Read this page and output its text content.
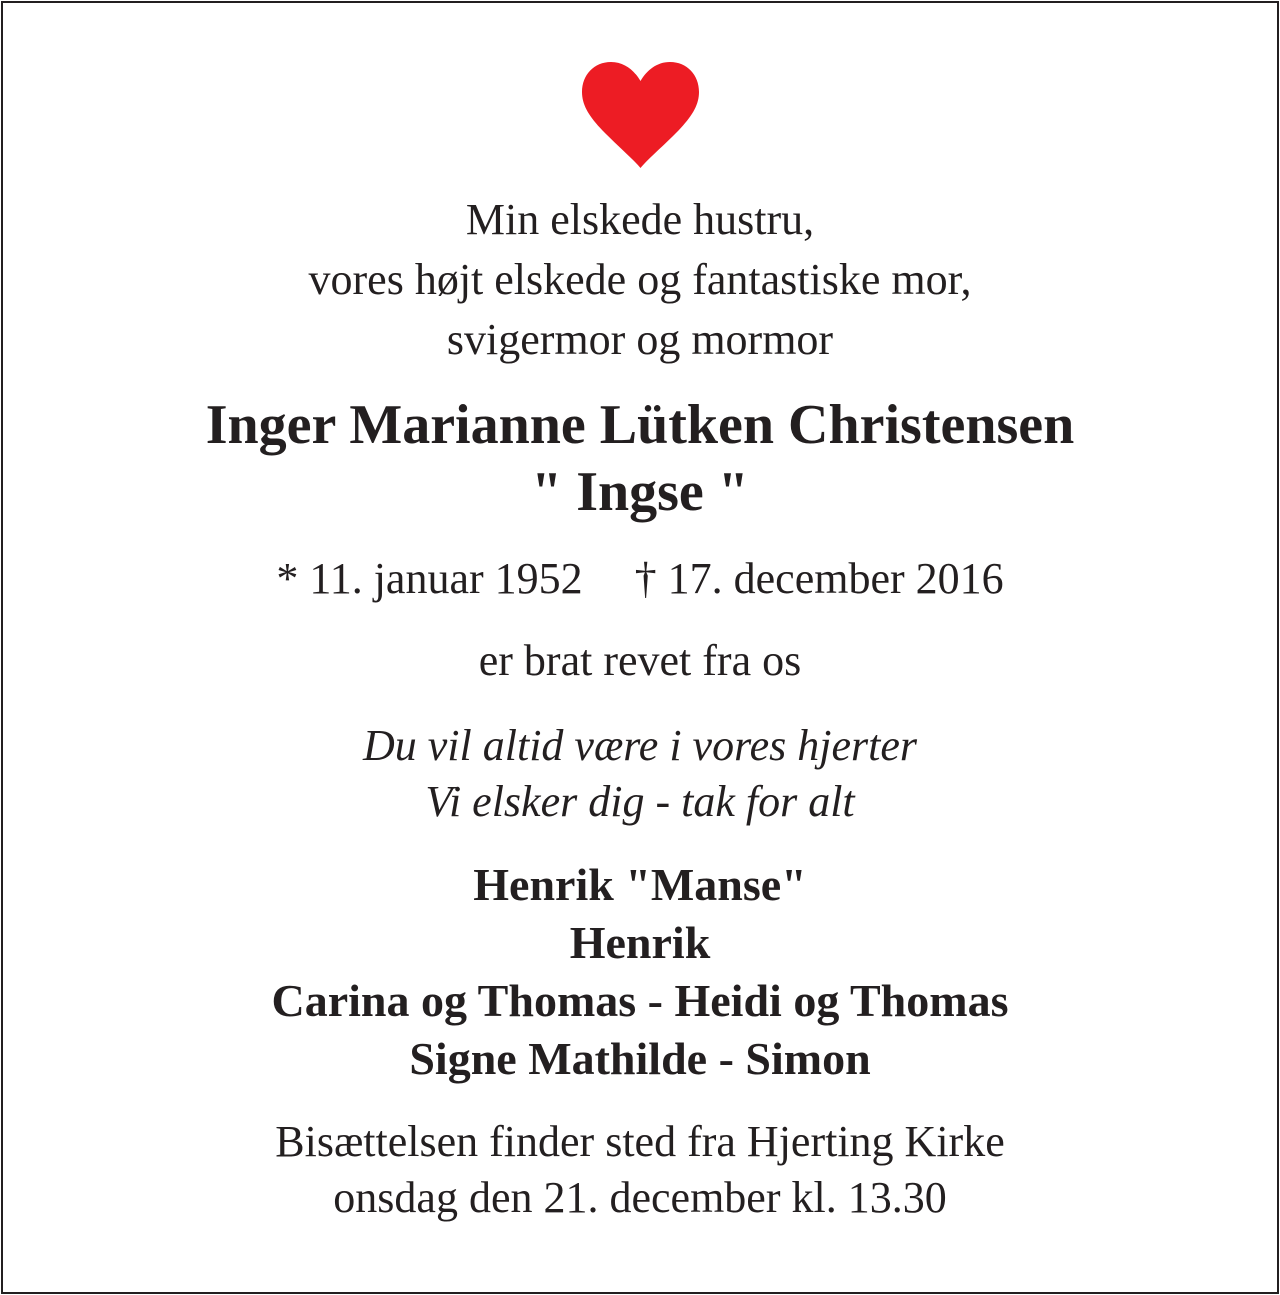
Min elskede hustru,
vores højt elskede og fantastiske mor,
svigermor og mormor
Inger Marianne Lütken Christensen
" Ingse "
* 11. januar 1952 † 17. december 2016
er brat revet fra os
Du vil altid være i vores hjerter
Vi elsker dig - tak for alt
Henrik "Manse"
Henrik
Carina og Thomas - Heidi og Thomas
Signe Mathilde - Simon
Bisættelsen finder sted fra Hjerting Kirke
onsdag den 21. december kl. 13.30
